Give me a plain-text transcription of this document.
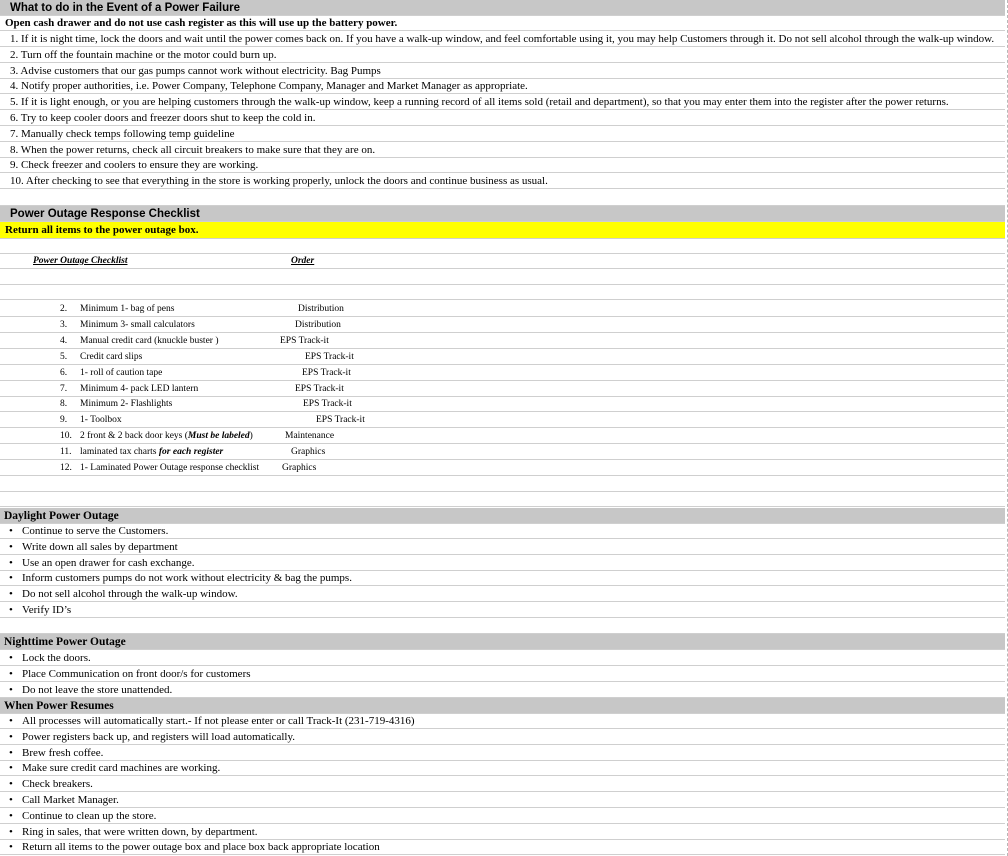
What to do in the Event of a Power Failure
Open cash drawer and do not use cash register as this will use up the battery power.
1. If it is night time, lock the doors and wait until the power comes back on. If you have a walk-up window, and feel comfortable using it, you may help Customers through it. Do not sell alcohol through the walk-up window.
2. Turn off the fountain machine or the motor could burn up.
3. Advise customers that our gas pumps cannot work without electricity. Bag Pumps
4. Notify proper authorities, i.e. Power Company, Telephone Company, Manager and Market Manager as appropriate.
5. If it is light enough, or you are helping customers through the walk-up window, keep a running record of all items sold (retail and department), so that you may enter them into the register after the power returns.
6. Try to keep cooler doors and freezer doors shut to keep the cold in.
7. Manually check temps following temp guideline
8. When the power returns, check all circuit breakers to make sure that they are on.
9. Check freezer and coolers to ensure they are working.
10. After checking to see that everything in the store is working properly, unlock the doors and continue business as usual.
Power Outage Response Checklist
Return all items to the power outage box.
Power Outage Checklist	Order
2. Minimum 1- bag of pens	Distribution
3. Minimum 3- small calculators	Distribution
4. Manual credit card (knuckle buster )	EPS Track-it
5. Credit card slips	EPS Track-it
6. 1- roll of caution tape	EPS Track-it
7. Minimum 4- pack LED lantern	EPS Track-it
8. Minimum 2- Flashlights	EPS Track-it
9. 1- Toolbox	EPS Track-it
10. 2 front & 2 back door keys (Must be labeled)	Maintenance
11. laminated tax charts for each register	Graphics
12. 1- Laminated Power Outage response checklist Graphics
Daylight Power Outage
• Continue to serve the Customers.
• Write down all sales by department
• Use an open drawer for cash exchange.
• Inform customers pumps do not work without electricity & bag the pumps.
• Do not sell alcohol through the walk-up window.
• Verify ID’s
Nighttime Power Outage
• Lock the doors.
• Place Communication on front door/s for customers
• Do not leave the store unattended.
When Power Resumes
• All processes will automatically start.- If not please enter or call Track-It (231-719-4316)
• Power registers back up, and registers will load automatically.
• Brew fresh coffee.
• Make sure credit card machines are working.
• Check breakers.
• Call Market Manager.
• Continue to clean up the store.
• Ring in sales, that were written down, by department.
• Return all items to the power outage box and place box back appropriate location
